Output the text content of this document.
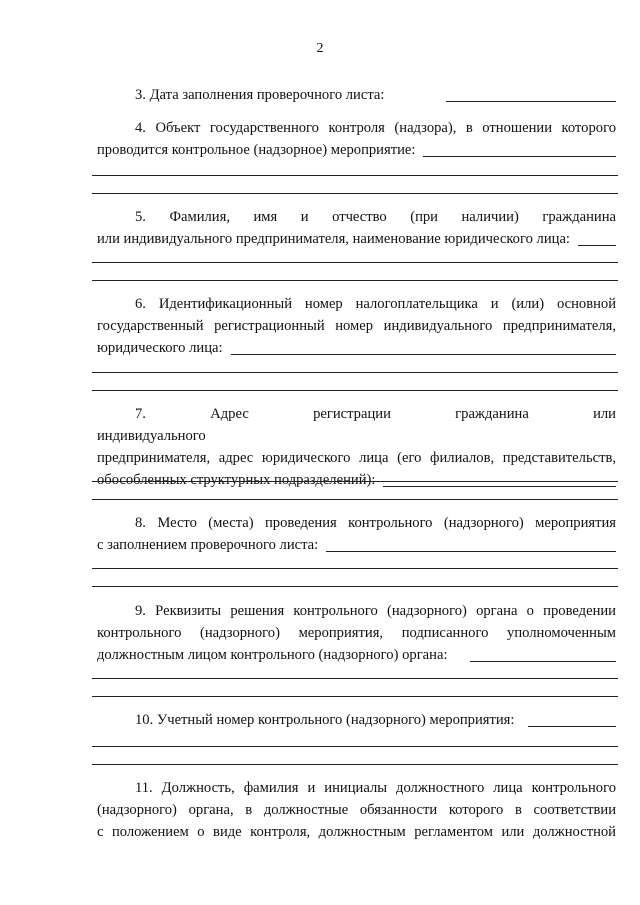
2
3. Дата заполнения проверочного листа:

4. Объект государственного контроля (надзора), в отношении которого

проводится контрольное (надзорное) мероприятие:

5. Фамилия, имя и отчество (при наличии) гражданина

или индивидуального предпринимателя, наименование юридического лица:

6. Идентификационный номер налогоплательщика и (или) основной

государственный регистрационный номер индивидуального предпринимателя,

юридического лица:

7. Адрес регистрации гражданина или индивидуального

предпринимателя, адрес юридического лица (его филиалов, представительств,

обособленных структурных подразделений):

8. Место (места) проведения контрольного (надзорного) мероприятия

с заполнением проверочного листа:

9. Реквизиты решения контрольного (надзорного) органа о проведении

контрольного (надзорного) мероприятия, подписанного уполномоченным

должностным лицом контрольного (надзорного) органа:
10. Учетный номер контрольного (надзорного) мероприятия:

11. Должность, фамилия и инициалы должностного лица контрольного

(надзорного) органа, в должностные обязанности которого в соответствии

с положением о виде контроля, должностным регламентом или должностной
